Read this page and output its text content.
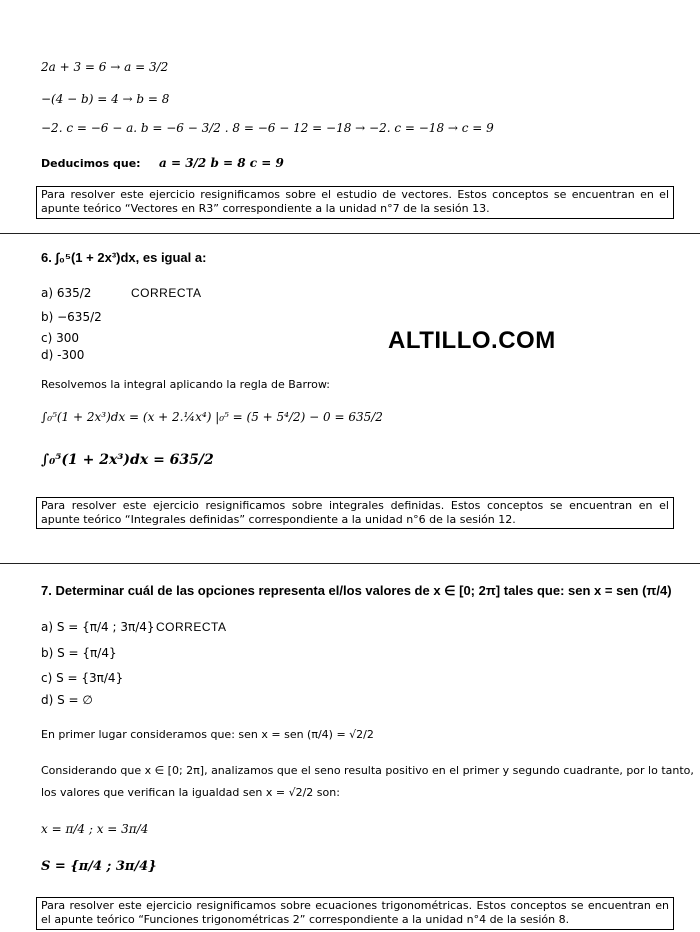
2a + 3 = 6 → a = 3/2
−(4 − b) = 4 → b = 8
−2. c = −6 − a. b = −6 − 3/2 . 8 = −6 − 12 = −18 → −2. c = −18 → c = 9
Deducimos que: a = 3/2 b = 8 c = 9
Para resolver este ejercicio resignificamos sobre el estudio de vectores. Estos conceptos se encuentran en el apunte teórico “Vectores en R3” correspondiente a la unidad n°7 de la sesión 13.
6. ∫₀⁵(1 + 2x³)dx, es igual a:
a) 635/2	CORRECTA
b) −635/2
c) 300
d) -300
ALTILLO.COM
Resolvemos la integral aplicando la regla de Barrow:
∫₀⁵(1 + 2x³)dx = (x + 2.¼x⁴) |₀⁵ = (5 + 5⁴/2) − 0 = 635/2
∫₀⁵(1 + 2x³)dx = 635/2
Para resolver este ejercicio resignificamos sobre integrales definidas. Estos conceptos se encuentran en el apunte teórico “Integrales definidas” correspondiente a la unidad n°6 de la sesión 12.
7. Determinar cuál de las opciones representa el/los valores de x ∈ [0; 2π] tales que: sen x = sen (π/4)
a) S = {π/4 ; 3π/4} CORRECTA
b) S = {π/4}
c) S = {3π/4}
d) S = ∅
En primer lugar consideramos que: sen x = sen (π/4) = √2/2
Considerando que x ∈ [0; 2π], analizamos que el seno resulta positivo en el primer y segundo cuadrante, por lo tanto,
los valores que verifican la igualdad sen x = √2/2 son:
x = π/4 ; x = 3π/4
S = {π/4 ; 3π/4}
Para resolver este ejercicio resignificamos sobre ecuaciones trigonométricas. Estos conceptos se encuentran en el apunte teórico “Funciones trigonométricas 2” correspondiente a la unidad n°4 de la sesión 8.
